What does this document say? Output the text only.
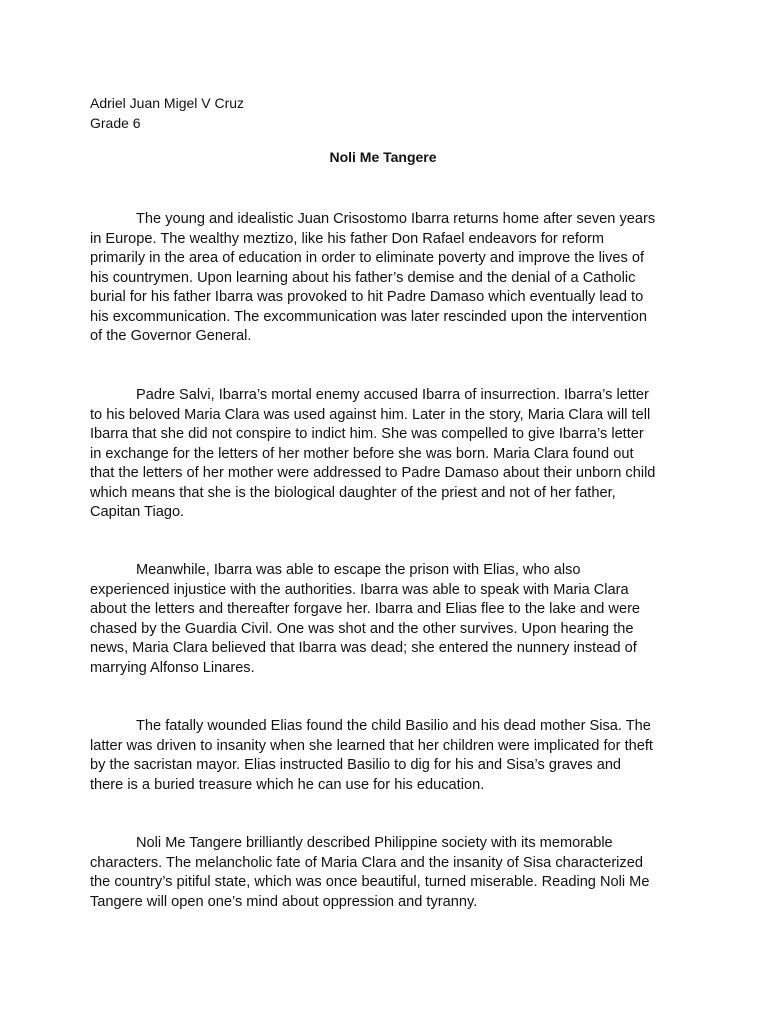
Adriel Juan Migel V Cruz
Grade 6
Noli Me Tangere
The young and idealistic Juan Crisostomo Ibarra returns home after seven years
in Europe. The wealthy meztizo, like his father Don Rafael endeavors for reform
primarily in the area of education in order to eliminate poverty and improve the lives of
his countrymen. Upon learning about his father’s demise and the denial of a Catholic
burial for his father Ibarra was provoked to hit Padre Damaso which eventually lead to
his excommunication. The excommunication was later rescinded upon the intervention
of the Governor General.
Padre Salvi, Ibarra’s mortal enemy accused Ibarra of insurrection. Ibarra’s letter
to his beloved Maria Clara was used against him. Later in the story, Maria Clara will tell
Ibarra that she did not conspire to indict him. She was compelled to give Ibarra’s letter
in exchange for the letters of her mother before she was born. Maria Clara found out
that the letters of her mother were addressed to Padre Damaso about their unborn child
which means that she is the biological daughter of the priest and not of her father,
Capitan Tiago.
Meanwhile, Ibarra was able to escape the prison with Elias, who also
experienced injustice with the authorities. Ibarra was able to speak with Maria Clara
about the letters and thereafter forgave her. Ibarra and Elias flee to the lake and were
chased by the Guardia Civil. One was shot and the other survives. Upon hearing the
news, Maria Clara believed that Ibarra was dead; she entered the nunnery instead of
marrying Alfonso Linares.
The fatally wounded Elias found the child Basilio and his dead mother Sisa. The
latter was driven to insanity when she learned that her children were implicated for theft
by the sacristan mayor. Elias instructed Basilio to dig for his and Sisa’s graves and
there is a buried treasure which he can use for his education.
Noli Me Tangere brilliantly described Philippine society with its memorable
characters. The melancholic fate of Maria Clara and the insanity of Sisa characterized
the country’s pitiful state, which was once beautiful, turned miserable. Reading Noli Me
Tangere will open one’s mind about oppression and tyranny.
